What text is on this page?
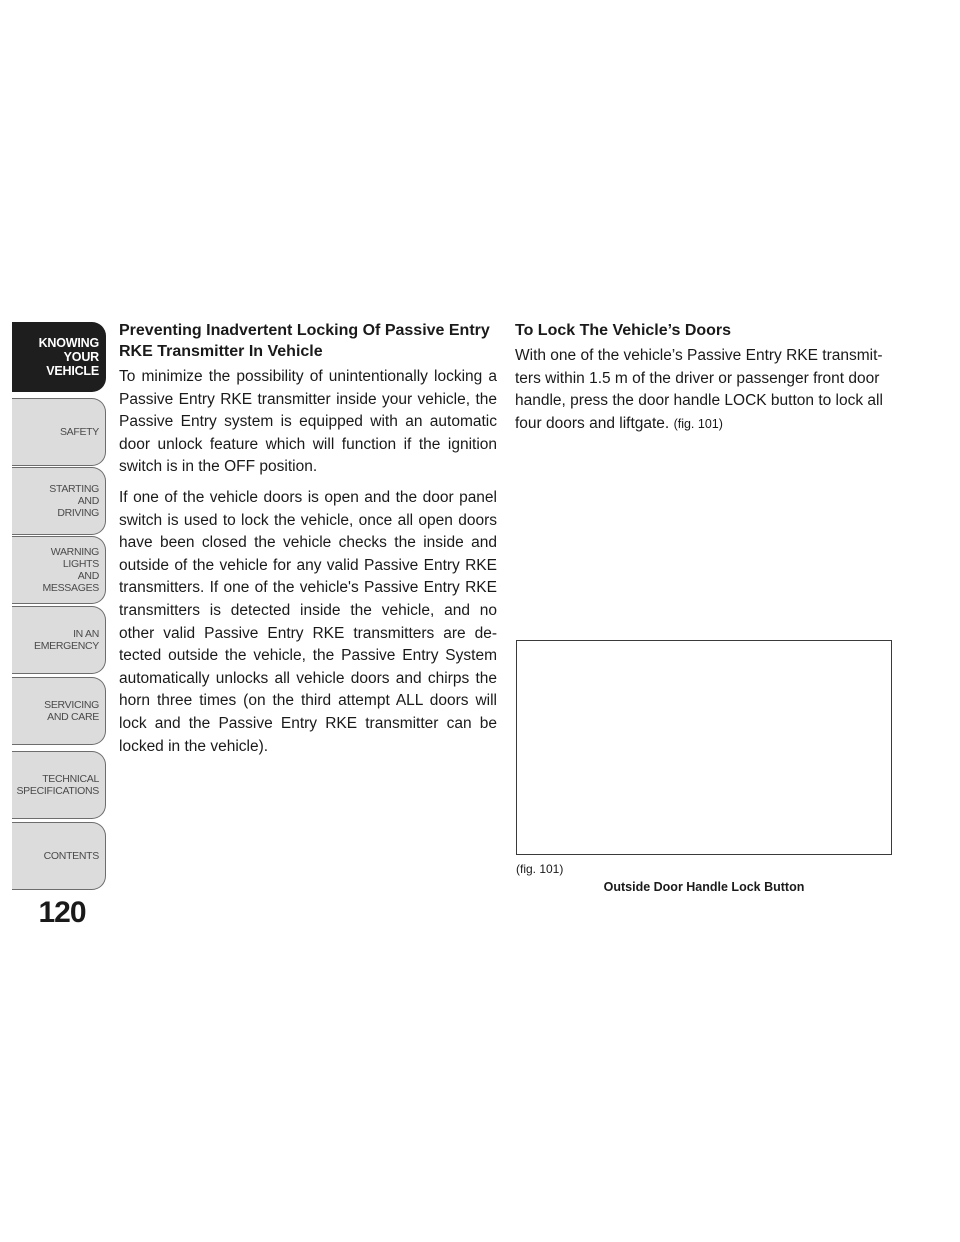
KNOWING
YOUR
VEHICLE
SAFETY
STARTING
AND
DRIVING
WARNING
LIGHTS
AND
MESSAGES
IN AN
EMERGENCY
SERVICING
AND CARE
TECHNICAL
SPECIFICATIONS
CONTENTS
120
Preventing Inadvertent Locking Of Passive Entry RKE Transmitter In Vehicle

To minimize the possibility of unintentionally locking a Passive Entry RKE transmitter inside your vehicle, the Passive Entry system is equipped with an automatic door unlock feature which will function if the ignition switch is in the OFF position.

If one of the vehicle doors is open and the door panel switch is used to lock the vehicle, once all open doors have been closed the vehicle checks the inside and outside of the vehicle for any valid Passive Entry RKE transmitters. If one of the vehicle's Passive Entry RKE transmitters is detected inside the vehicle, and no other valid Passive Entry RKE transmitters are de- tected outside the vehicle, the Passive Entry System automatically unlocks all vehicle doors and chirps the horn three times (on the third attempt ALL doors will lock and the Passive Entry RKE transmitter can be locked in the vehicle).

To Lock The Vehicle’s Doors

With one of the vehicle’s Passive Entry RKE transmit- ters within 1.5 m of the driver or passenger front door handle, press the door handle LOCK button to lock all four doors and liftgate. (fig. 101)

(fig. 101)
Outside Door Handle Lock Button
